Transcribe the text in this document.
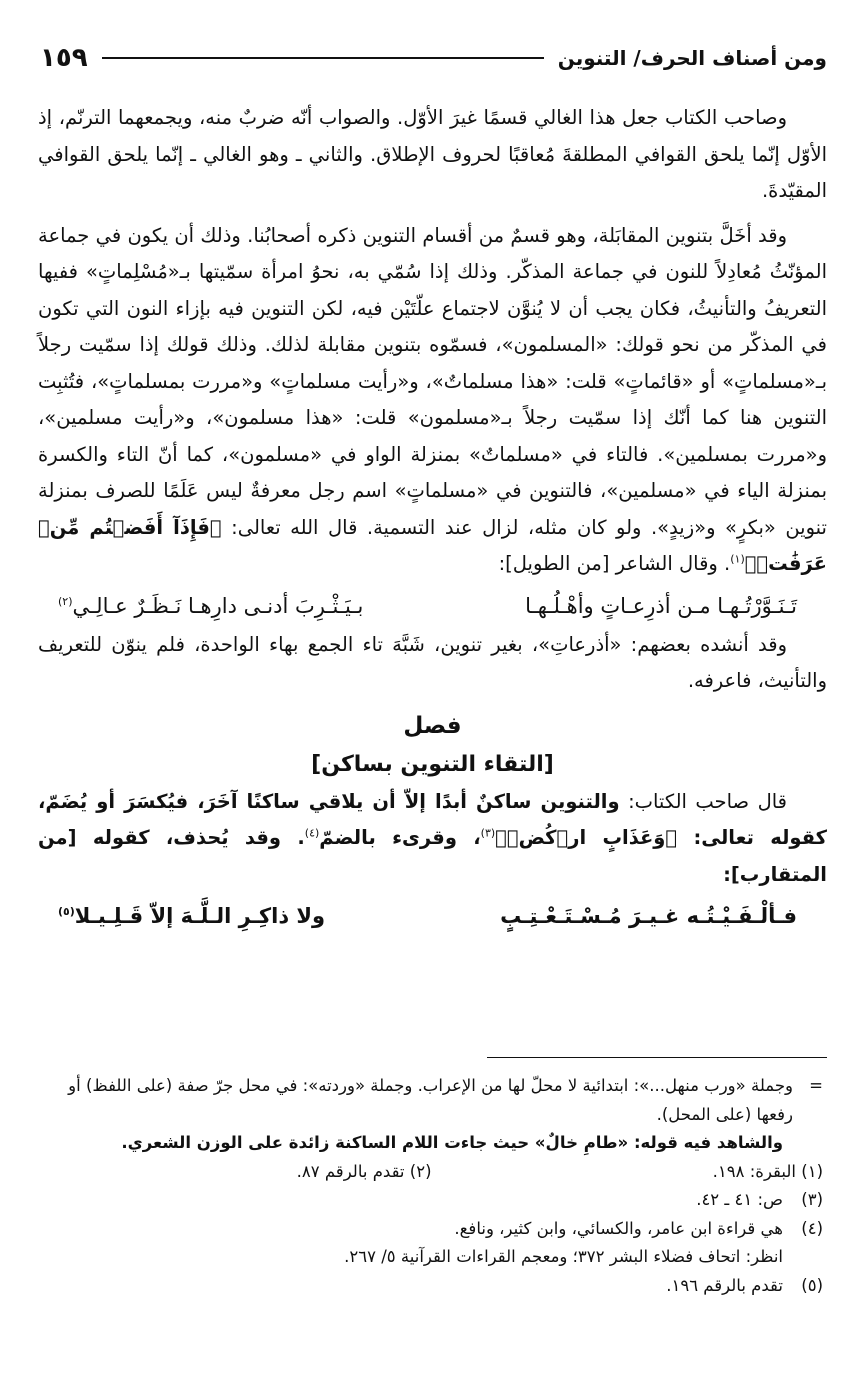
ومن أصناف الحرف/ التنوين
١٥٩

وصاحب الكتاب جعل هذا الغالي قسمًا غيرَ الأوّل. والصواب أنّه ضربٌ منه، ويجمعهما الترنّم، إذ الأوّل إنّما يلحق القوافي المطلقةَ مُعاقبًا لحروف الإطلاق. والثاني ـ وهو الغالي ـ إنّما يلحق القوافي المقيّدةَ.

وقد أخَلَّ بتنوين المقابَلة، وهو قسمٌ من أقسام التنوين ذكره أصحابُنا. وذلك أن يكون في جماعة المؤنّثُ مُعادِلاً للنون في جماعة المذكّر. وذلك إذا سُمّي به، نحوُ امرأة سمّيتها بـ«مُسْلِماتٍ» ففيها التعريفُ والتأنيثُ، فكان يجب أن لا يُنوَّن لاجتماع علّتَيْن فيه، لكن التنوين فيه بإزاء النون التي تكون في المذكّر من نحو قولك: «المسلمون»، فسمّوه بتنوين مقابلة لذلك. وذلك قولك إذا سمّيت رجلاً بـ«مسلماتٍ» أو «قائماتٍ» قلت: «هذا مسلماتٌ»، و«رأيت مسلماتٍ» و«مررت بمسلماتٍ»، فتُثبِت التنوين هنا كما أنّك إذا سمّيت رجلاً بـ«مسلمون» قلت: «هذا مسلمون»، و«رأيت مسلمين»، و«مررت بمسلمين». فالتاء في «مسلماتٌ» بمنزلة الواو في «مسلمون»، كما أنّ التاء والكسرة بمنزلة الياء في «مسلمين»، فالتنوين في «مسلماتٍ» اسم رجل معرفةٌ ليس عَلَمًا للصرف بمنزلة تنوين «بكرٍ» و«زيدٍ». ولو كان مثله، لزال عند التسمية. قال الله تعالى: ﴿فَإِذَآ أَفَضۡتُم مِّنۡ عَرَفَٰتٖ﴾$^{(١)}$. وقال الشاعر [من الطويل]:

تَـنَـوَّرْتُـهـا مـن أذرِعـاتٍ وأهْـلُـهـا
بـيَـثْـرِبَ أدنـى دارِهـا نَـظَـرٌ عـالِـي$^{(٢)}$

وقد أنشده بعضهم: «أذرعاتِ»، بغير تنوين، شَبَّهَ تاء الجمع بهاء الواحدة، فلم ينوّن للتعريف والتأنيث، فاعرفه.

فصل
[التقاء التنوين بساكن]

قال صاحب الكتاب: والتنوين ساكنٌ أبدًا إلاّ أن يلاقي ساكنًا آخَرَ، فيُكسَرَ أو يُضَمّ، كقوله تعالى: ﴿وَعَذَابٍ ارۡكُضۡ﴾$^{(٣)}$، وقرىء بالضمّ$^{(٤)}$. وقد يُحذف، كقوله [من المتقارب]:

فـألْـفَـيْـتُـه غـيـرَ مُـسْـتَـعْـتِـبٍ
ولا ذاكِـرِ الـلَّـهَ إلاّ قَـلِـيـلا$^{(٥)}$
=
وجملة «ورب منهل...»: ابتدائية لا محلّ لها من الإعراب. وجملة «وردته»: في محل جرّ صفة (على اللفظ) أو رفعها (على المحل).

والشاهد فيه قوله: «طامِ خالٌ» حيث جاءت اللام الساكنة زائدة على الوزن الشعري.

(١) البقرة: ١٩٨.
(٢) تقدم بالرقم ٨٧.
(٣)
ص: ٤١ ـ ٤٢.
(٤)
هي قراءة ابن عامر، والكسائي، وابن كثير، ونافع.

انظر: اتحاف فضلاء البشر ٣٧٢؛ ومعجم القراءات القرآنية ٥/ ٢٦٧.

(٥)
تقدم بالرقم ١٩٦.
